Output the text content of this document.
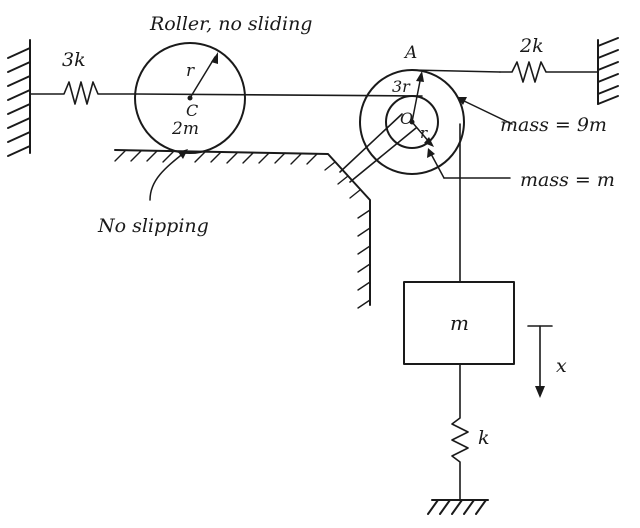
3k
Roller, no sliding
r
C
2m
No slipping
A
3r
O
r
2k
mass = 9m
mass = m
m
x
k
